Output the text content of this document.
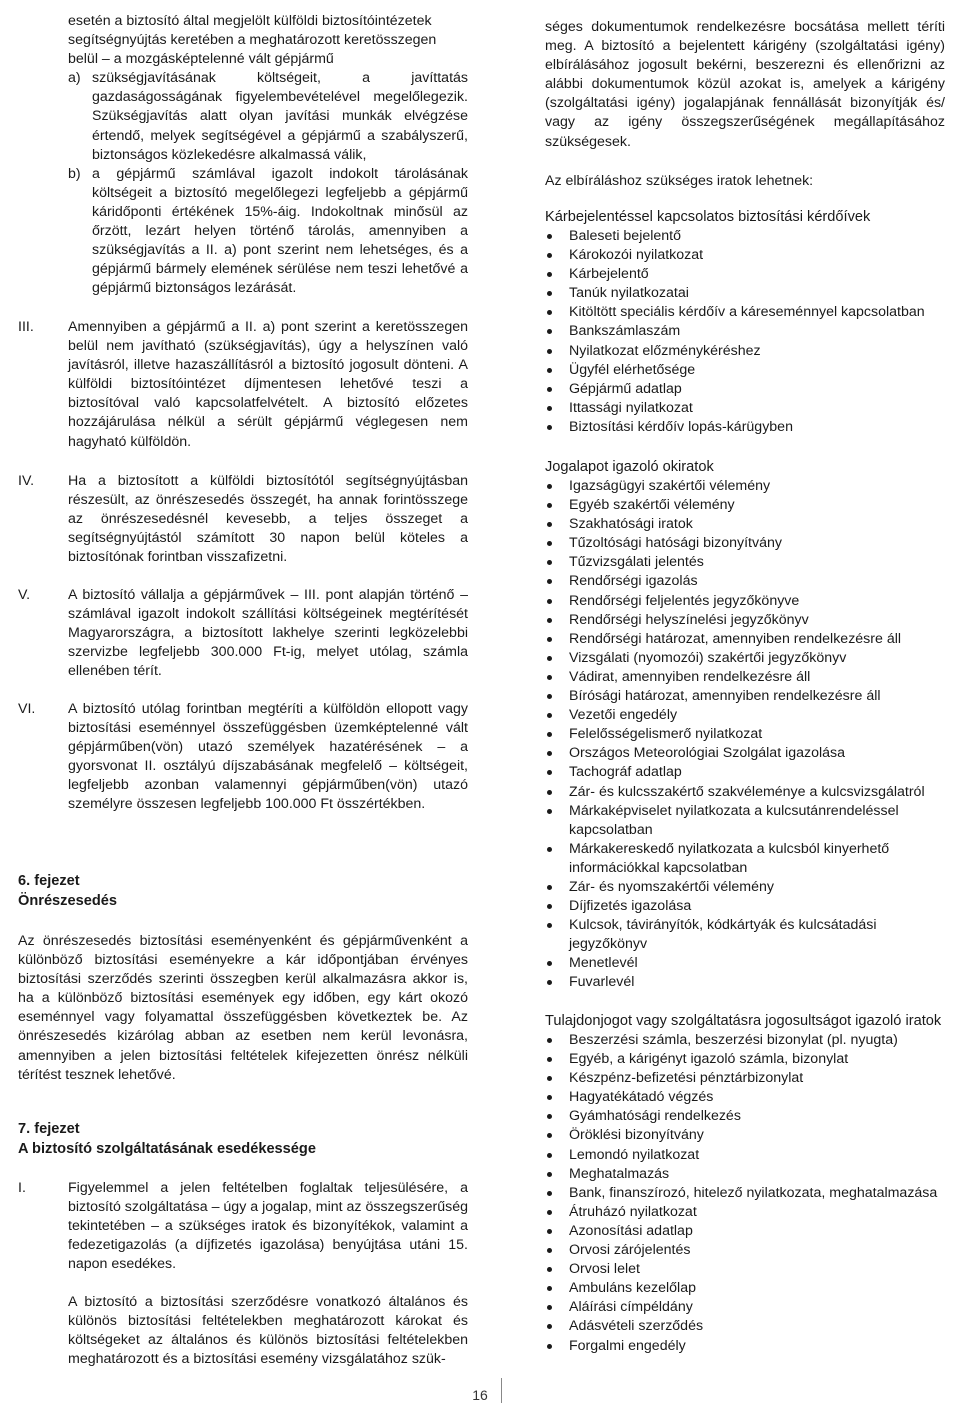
esetén a biztosító által megjelölt külföldi biztosítóintézetek
segítségnyújtás keretében a meghatározott keretösszegen
belül – a mozgásképtelenné vált gépjármű
a) szükségjavításának költségeit, a javíttatás gazdaságosságának figyelembevételével megelőlegezik. Szükségjavítás alatt olyan javítási munkák elvégzése értendő, melyek segítségével a gépjármű a szabályszerű, biztonságos közlekedésre alkalmassá válik,
b) a gépjármű számlával igazolt indokolt tárolásának költségeit a biztosító megelőlegezi legfeljebb a gépjármű káridőponti értékének 15%-áig. Indokoltnak minősül az őrzött, lezárt helyen történő tárolás, amennyiben a szükségjavítás a II. a) pont szerint nem lehetséges, és a gépjármű bármely elemének sérülése nem teszi lehetővé a gépjármű biztonságos lezárását.
III.	Amennyiben a gépjármű a II. a) pont szerint a keretösszegen belül nem javítható (szükségjavítás), úgy a helyszínen való javításról, illetve hazaszállításról a biztosító jogosult dönteni. A külföldi biztosítóintézet díjmentesen lehetővé teszi a biztosítóval való kapcsolatfelvételt. A biztosító előzetes hozzájárulása nélkül a sérült gépjármű véglegesen nem hagyható külföldön.
IV.	Ha a biztosított a külföldi biztosítótól segítségnyújtásban részesült, az önrészesedés összegét, ha annak forintösszege az önrészesedésnél kevesebb, a teljes összeget a segítségnyújtástól számított 30 napon belül köteles a biztosítónak forintban visszafizetni.
V.	A biztosító vállalja a gépjárművek – III. pont alapján történő – számlával igazolt indokolt szállítási költségeinek megtérítését Magyarországra, a biztosított lakhelye szerinti legközelebbi szervizbe legfeljebb 300.000 Ft-ig, melyet utólag, számla ellenében térít.
VI.	A biztosító utólag forintban megtéríti a külföldön ellopott vagy biztosítási eseménnyel összefüggésben üzemképtelenné vált gépjárműben(vön) utazó személyek hazatérésének – a gyorsvonat II. osztályú díjszabásának megfelelő – költségeit, legfeljebb azonban valamennyi gépjárműben(vön) utazó személyre összesen legfeljebb 100.000 Ft összértékben.
6. fejezet
Önrészesedés
Az önrészesedés biztosítási eseményenként és gépjárművenként a különböző biztosítási eseményekre a kár időpontjában érvényes biztosítási szerződés szerinti összegben kerül alkalmazásra akkor is, ha a különböző biztosítási események egy időben, egy kárt okozó eseménnyel vagy folyamattal összefüggésben következtek be. Az önrészesedés kizárólag abban az esetben nem kerül levonásra, amennyiben a jelen biztosítási feltételek kifejezetten önrész nélküli térítést tesznek lehetővé.
7. fejezet
A biztosító szolgáltatásának esedékessége
I.	Figyelemmel a jelen feltételben foglaltak teljesülésére, a biztosító szolgáltatása – úgy a jogalap, mint az összegszerűség tekintetében – a szükséges iratok és bizonyítékok, valamint a fedezetigazolás (a díjfizetés igazolása) benyújtása utáni 15. napon esedékes.
A biztosító a biztosítási szerződésre vonatkozó általános és különös biztosítási feltételekben meghatározott károkat és költségeket az általános és különös biztosítási feltételekben meghatározott és a biztosítási esemény vizsgálatához szük-
séges dokumentumok rendelkezésre bocsátása mellett téríti meg. A biztosító a bejelentett kárigény (szolgáltatási igény) elbírálásához jogosult bekérni, beszerezni és ellenőrizni az alábbi dokumentumok közül azokat is, amelyek a kárigény (szolgáltatási igény) jogalapjának fennállását bizonyítják és/ vagy az igény összegszerűségének megállapításához szükségesek.
Az elbíráláshoz szükséges iratok lehetnek:
Kárbejelentéssel kapcsolatos biztosítási kérdőívek
Baleseti bejelentő
Károkozói nyilatkozat
Kárbejelentő
Tanúk nyilatkozatai
Kitöltött speciális kérdőív a káreseménnyel kapcsolatban
Bankszámlaszám
Nyilatkozat előzménykéréshez
Ügyfél elérhetősége
Gépjármű adatlap
Ittassági nyilatkozat
Biztosítási kérdőív lopás-kárügyben
Jogalapot igazoló okiratok
Igazságügyi szakértői vélemény
Egyéb szakértői vélemény
Szakhatósági iratok
Tűzoltósági hatósági bizonyítvány
Tűzvizsgálati jelentés
Rendőrségi igazolás
Rendőrségi feljelentés jegyzőkönyve
Rendőrségi helyszínelési jegyzőkönyv
Rendőrségi határozat, amennyiben rendelkezésre áll
Vizsgálati (nyomozói) szakértői jegyzőkönyv
Vádirat, amennyiben rendelkezésre áll
Bírósági határozat, amennyiben rendelkezésre áll
Vezetői engedély
Felelősségelismerő nyilatkozat
Országos Meteorológiai Szolgálat igazolása
Tachográf adatlap
Zár- és kulcsszakértő szakvéleménye a kulcsvizsgálatról
Márkaképviselet nyilatkozata a kulcsutánrendeléssel kapcsolatban
Márkakereskedő nyilatkozata a kulcsból kinyerhető információkkal kapcsolatban
Zár- és nyomszakértői vélemény
Díjfizetés igazolása
Kulcsok, távirányítók, kódkártyák és kulcsátadási jegyzőkönyv
Menetlevél
Fuvarlevél
Tulajdonjogot vagy szolgáltatásra jogosultságot igazoló iratok
Beszerzési számla, beszerzési bizonylat (pl. nyugta)
Egyéb, a kárigényt igazoló számla, bizonylat
Készpénz-befizetési pénztárbizonylat
Hagyatékátadó végzés
Gyámhatósági rendelkezés
Öröklési bizonyítvány
Lemondó nyilatkozat
Meghatalmazás
Bank, finanszírozó, hitelező nyilatkozata, meghatalmazása
Átruházó nyilatkozat
Azonosítási adatlap
Orvosi zárójelentés
Orvosi lelet
Ambuláns kezelőlap
Aláírási címpéldány
Adásvételi szerződés
Forgalmi engedély
16
